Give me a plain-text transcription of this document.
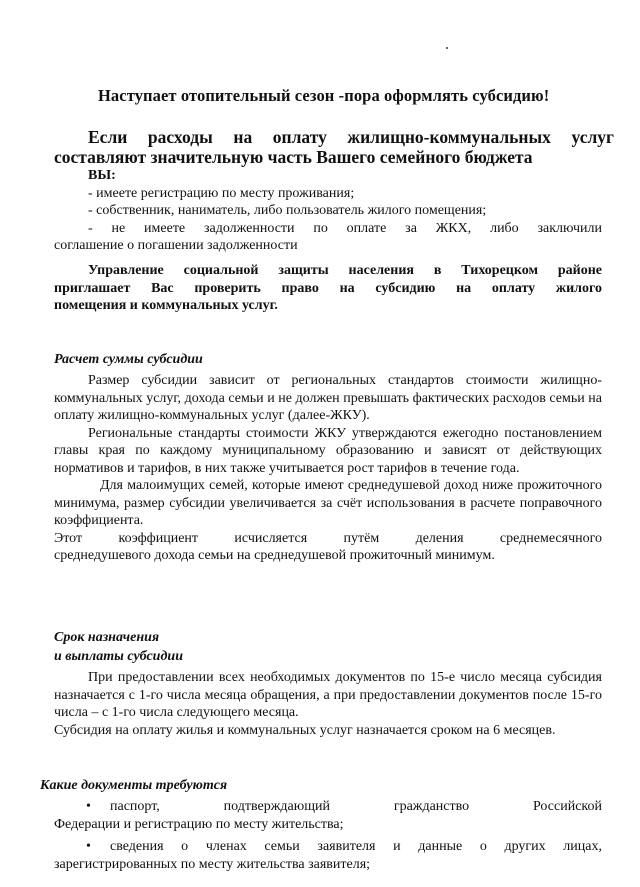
Наступает отопительный сезон -пора оформлять субсидию!
Если расходы на оплату жилищно-коммунальных услуг
составляют значительную часть Вашего семейного бюджета
ВЫ:
- имеете регистрацию по месту проживания;
- собственник, наниматель, либо пользователь жилого помещения;
- не имеете задолженности по оплате за ЖКХ, либо заключили
соглашение о погашении задолженности
Управление социальной защиты населения в Тихорецком районе
приглашает Вас проверить право на субсидию на оплату жилого
помещения и коммунальных услуг.
Расчет суммы субсидии
Размер субсидии зависит от региональных стандартов стоимости жилищно-коммунальных услуг, дохода семьи и не должен превышать фактических расходов семьи на оплату жилищно-коммунальных услуг (далее-ЖКУ).
Региональные стандарты стоимости ЖКУ утверждаются ежегодно постановлением главы края по каждому муниципальному образованию и зависят от действующих нормативов и тарифов, в них также учитывается рост тарифов в течение года.
Для малоимущих семей, которые имеют среднедушевой доход ниже прожиточного минимума, размер субсидии увеличивается за счёт использования в расчете поправочного коэффициента.
Этот коэффициент исчисляется путём деления среднемесячного
среднедушевого дохода семьи на среднедушевой прожиточный минимум.
Срок назначения
и выплаты субсидии
При предоставлении всех необходимых документов по 15-е число месяца субсидия назначается с 1-го числа месяца обращения, а при предоставлении документов после 15-го числа – с 1-го числа следующего месяца.
Субсидия на оплату жилья и коммунальных услуг назначается сроком на 6 месяцев.
Какие документы требуются
•	паспорт, подтверждающий гражданство Российской
Федерации и регистрацию по месту жительства;
•	сведения о членах семьи заявителя и данные о других лицах,
зарегистрированных по месту жительства заявителя;
